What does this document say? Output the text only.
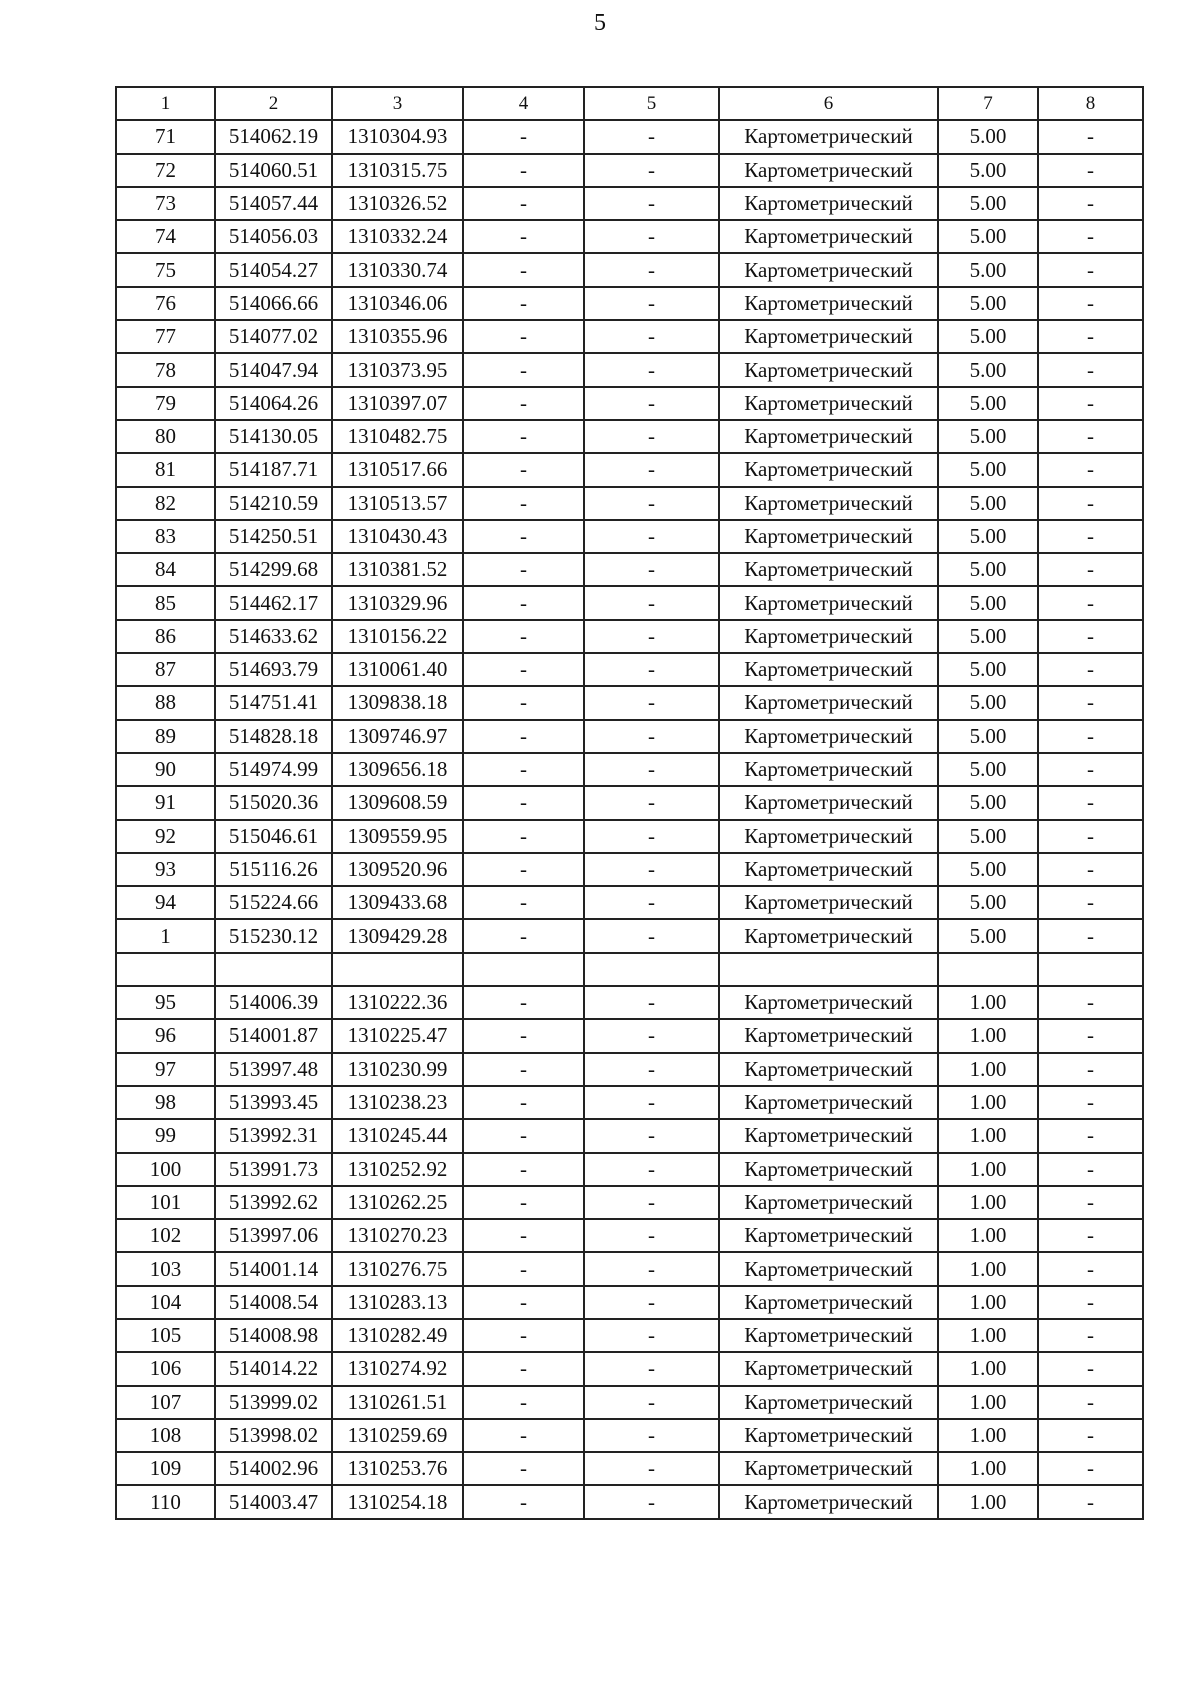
5
1	2	3	4	5	6	7	8
71	514062.19	1310304.93	-	-	Картометрический	5.00	-
72	514060.51	1310315.75	-	-	Картометрический	5.00	-
73	514057.44	1310326.52	-	-	Картометрический	5.00	-
74	514056.03	1310332.24	-	-	Картометрический	5.00	-
75	514054.27	1310330.74	-	-	Картометрический	5.00	-
76	514066.66	1310346.06	-	-	Картометрический	5.00	-
77	514077.02	1310355.96	-	-	Картометрический	5.00	-
78	514047.94	1310373.95	-	-	Картометрический	5.00	-
79	514064.26	1310397.07	-	-	Картометрический	5.00	-
80	514130.05	1310482.75	-	-	Картометрический	5.00	-
81	514187.71	1310517.66	-	-	Картометрический	5.00	-
82	514210.59	1310513.57	-	-	Картометрический	5.00	-
83	514250.51	1310430.43	-	-	Картометрический	5.00	-
84	514299.68	1310381.52	-	-	Картометрический	5.00	-
85	514462.17	1310329.96	-	-	Картометрический	5.00	-
86	514633.62	1310156.22	-	-	Картометрический	5.00	-
87	514693.79	1310061.40	-	-	Картометрический	5.00	-
88	514751.41	1309838.18	-	-	Картометрический	5.00	-
89	514828.18	1309746.97	-	-	Картометрический	5.00	-
90	514974.99	1309656.18	-	-	Картометрический	5.00	-
91	515020.36	1309608.59	-	-	Картометрический	5.00	-
92	515046.61	1309559.95	-	-	Картометрический	5.00	-
93	515116.26	1309520.96	-	-	Картометрический	5.00	-
94	515224.66	1309433.68	-	-	Картометрический	5.00	-
1	515230.12	1309429.28	-	-	Картометрический	5.00	-

95	514006.39	1310222.36	-	-	Картометрический	1.00	-
96	514001.87	1310225.47	-	-	Картометрический	1.00	-
97	513997.48	1310230.99	-	-	Картометрический	1.00	-
98	513993.45	1310238.23	-	-	Картометрический	1.00	-
99	513992.31	1310245.44	-	-	Картометрический	1.00	-
100	513991.73	1310252.92	-	-	Картометрический	1.00	-
101	513992.62	1310262.25	-	-	Картометрический	1.00	-
102	513997.06	1310270.23	-	-	Картометрический	1.00	-
103	514001.14	1310276.75	-	-	Картометрический	1.00	-
104	514008.54	1310283.13	-	-	Картометрический	1.00	-
105	514008.98	1310282.49	-	-	Картометрический	1.00	-
106	514014.22	1310274.92	-	-	Картометрический	1.00	-
107	513999.02	1310261.51	-	-	Картометрический	1.00	-
108	513998.02	1310259.69	-	-	Картометрический	1.00	-
109	514002.96	1310253.76	-	-	Картометрический	1.00	-
110	514003.47	1310254.18	-	-	Картометрический	1.00	-
